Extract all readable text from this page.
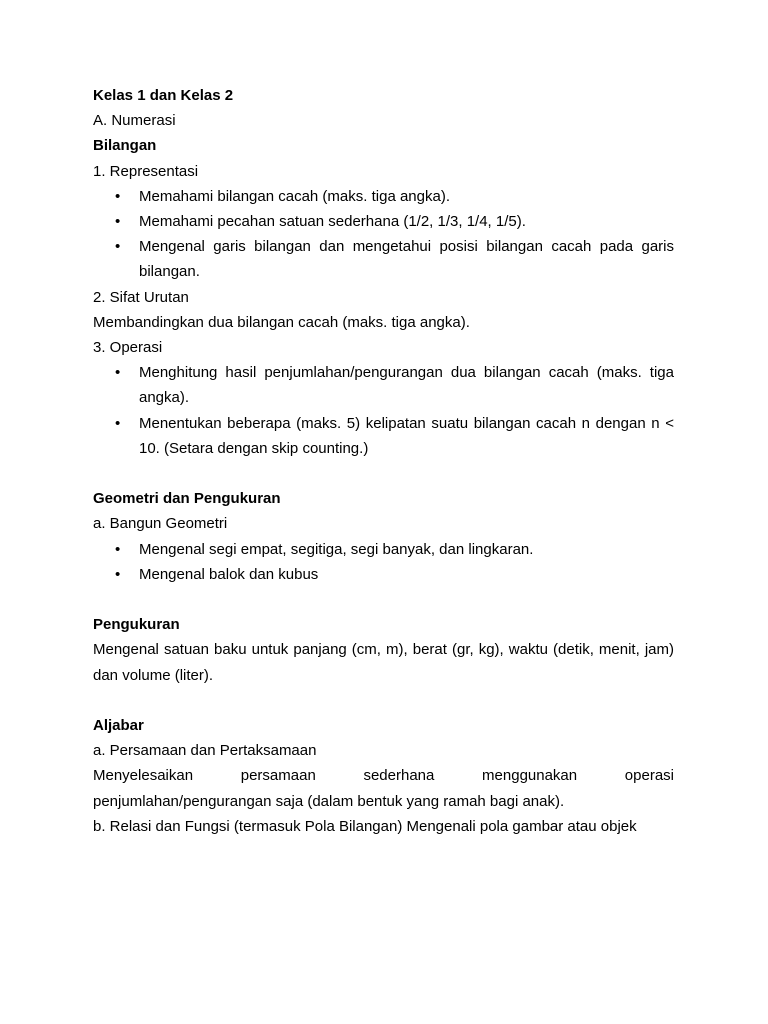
Kelas 1 dan Kelas 2

A. Numerasi

Bilangan

1. Representasi

• Memahami bilangan cacah (maks. tiga angka).
• Memahami pecahan satuan sederhana (1/2, 1/3, 1/4, 1/5).
• Mengenal garis bilangan dan mengetahui posisi bilangan cacah pada garis bilangan.

2. Sifat Urutan

Membandingkan dua bilangan cacah (maks. tiga angka).

3. Operasi

• Menghitung hasil penjumlahan/pengurangan dua bilangan cacah (maks. tiga angka).
• Menentukan beberapa (maks. 5) kelipatan suatu bilangan cacah n dengan n < 10. (Setara dengan skip counting.)

Geometri dan Pengukuran

a. Bangun Geometri

• Mengenal segi empat, segitiga, segi banyak, dan lingkaran.
• Mengenal balok dan kubus

Pengukuran

Mengenal satuan baku untuk panjang (cm, m), berat (gr, kg), waktu (detik, menit, jam) dan volume (liter).

Aljabar

a. Persamaan dan Pertaksamaan

Menyelesaikan persamaan sederhana menggunakan operasi

penjumlahan/pengurangan saja (dalam bentuk yang ramah bagi anak).

b. Relasi dan Fungsi (termasuk Pola Bilangan) Mengenali pola gambar atau objek
